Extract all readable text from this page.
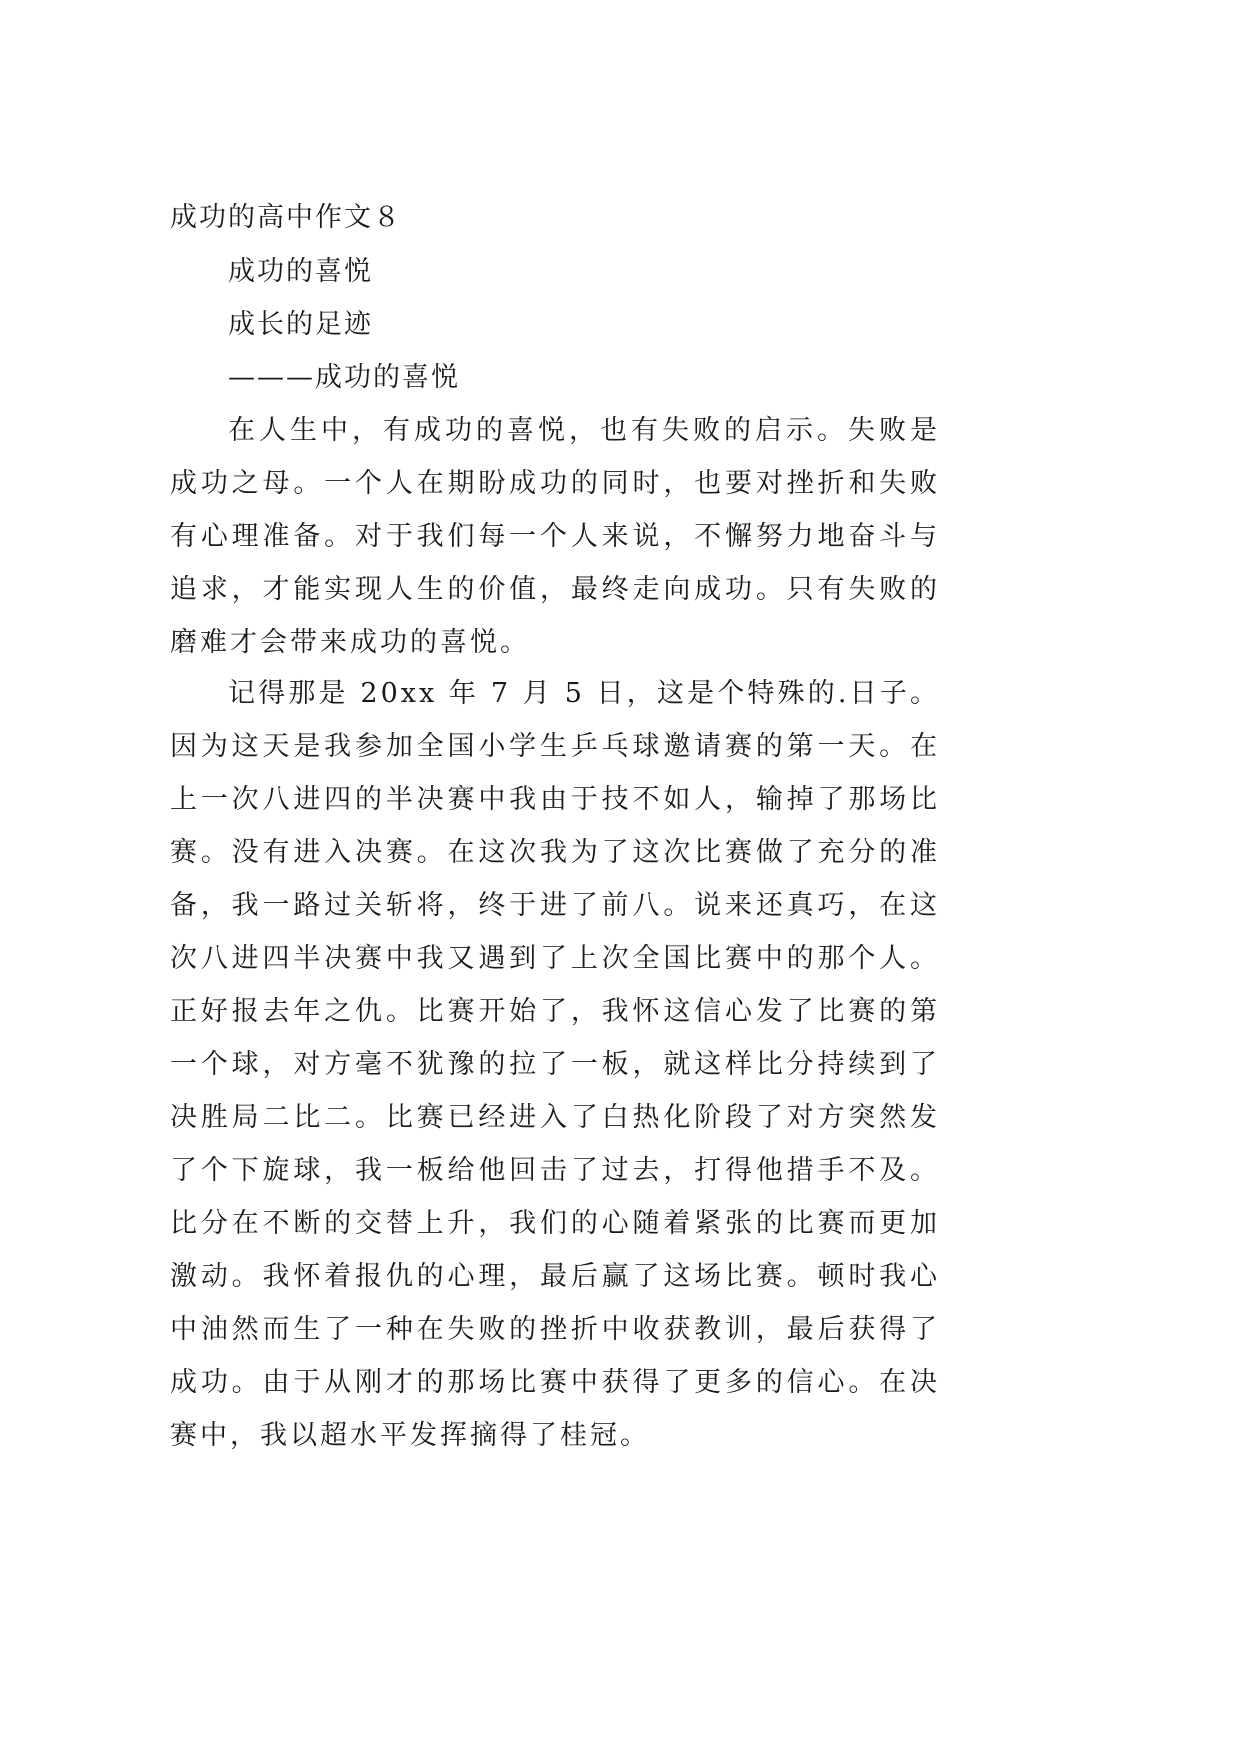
成功的高中作文８
成功的喜悦
成长的足迹
———成功的喜悦

在人生中，有成功的喜悦，也有失败的启示。失败是成功之母。一个人在期盼成功的同时，也要对挫折和失败有心理准备。对于我们每一个人来说，不懈努力地奋斗与追求，才能实现人生的价值，最终走向成功。只有失败的磨难才会带来成功的喜悦。

记得那是 20xx 年 7 月 5 日，这是个特殊的.日子。因为这天是我参加全国小学生乒乓球邀请赛的第一天。在上一次八进四的半决赛中我由于技不如人，输掉了那场比赛。没有进入决赛。在这次我为了这次比赛做了充分的准备，我一路过关斩将，终于进了前八。说来还真巧，在这次八进四半决赛中我又遇到了上次全国比赛中的那个人。正好报去年之仇。比赛开始了，我怀这信心发了比赛的第一个球，对方毫不犹豫的拉了一板，就这样比分持续到了决胜局二比二。比赛已经进入了白热化阶段了对方突然发了个下旋球，我一板给他回击了过去，打得他措手不及。比分在不断的交替上升，我们的心随着紧张的比赛而更加激动。我怀着报仇的心理，最后赢了这场比赛。顿时我心中油然而生了一种在失败的挫折中收获教训，最后获得了成功。由于从刚才的那场比赛中获得了更多的信心。在决赛中，我以超水平发挥摘得了桂冠。
